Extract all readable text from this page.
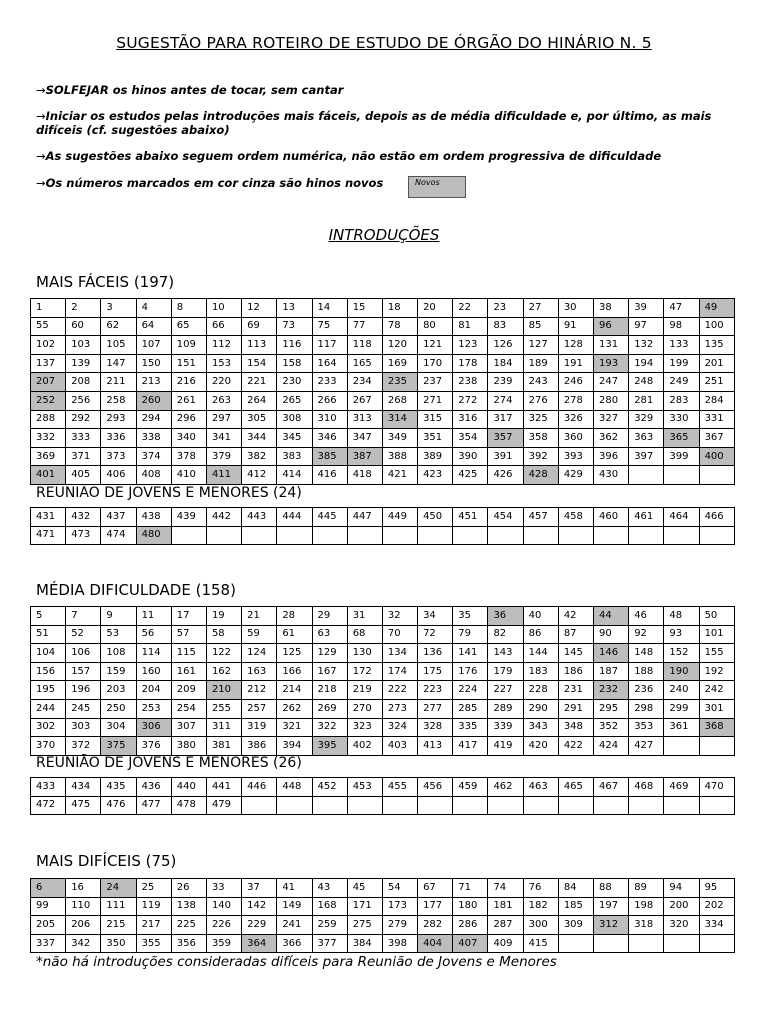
SUGESTÃO PARA ROTEIRO DE ESTUDO DE ÓRGÃO DO HINÁRIO N. 5
→SOLFEJAR os hinos antes de tocar, sem cantar
→Iniciar os estudos pelas introduções mais fáceis, depois as de média dificuldade e, por último, as mais difíceis (cf. sugestões abaixo)
→As sugestões abaixo seguem ordem numérica, não estão em ordem progressiva de dificuldade
→Os números marcados em cor cinza são hinos novos	Novos
INTRODUÇÕES
MAIS FÁCEIS (197)
1	2	3	4	8	10	12	13	14	15	18	20	22	23	27	30	38	39	47	49
55	60	62	64	65	66	69	73	75	77	78	80	81	83	85	91	96	97	98	100
102	103	105	107	109	112	113	116	117	118	120	121	123	126	127	128	131	132	133	135
137	139	147	150	151	153	154	158	164	165	169	170	178	184	189	191	193	194	199	201
207	208	211	213	216	220	221	230	233	234	235	237	238	239	243	246	247	248	249	251
252	256	258	260	261	263	264	265	266	267	268	271	272	274	276	278	280	281	283	284
288	292	293	294	296	297	305	308	310	313	314	315	316	317	325	326	327	329	330	331
332	333	336	338	340	341	344	345	346	347	349	351	354	357	358	360	362	363	365	367
369	371	373	374	378	379	382	383	385	387	388	389	390	391	392	393	396	397	399	400
401	405	406	408	410	411	412	414	416	418	421	423	425	426	428	429	430			
REUNIÃO DE JOVENS E MENORES (24)
431	432	437	438	439	442	443	444	445	447	449	450	451	454	457	458	460	461	464	466
471	473	474	480																
MÉDIA DIFICULDADE (158)
5	7	9	11	17	19	21	28	29	31	32	34	35	36	40	42	44	46	48	50
51	52	53	56	57	58	59	61	63	68	70	72	79	82	86	87	90	92	93	101
104	106	108	114	115	122	124	125	129	130	134	136	141	143	144	145	146	148	152	155
156	157	159	160	161	162	163	166	167	172	174	175	176	179	183	186	187	188	190	192
195	196	203	204	209	210	212	214	218	219	222	223	224	227	228	231	232	236	240	242
244	245	250	253	254	255	257	262	269	270	273	277	285	289	290	291	295	298	299	301
302	303	304	306	307	311	319	321	322	323	324	328	335	339	343	348	352	353	361	368
370	372	375	376	380	381	386	394	395	402	403	413	417	419	420	422	424	427		
REUNIÃO DE JOVENS E MENORES (26)
433	434	435	436	440	441	446	448	452	453	455	456	459	462	463	465	467	468	469	470
472	475	476	477	478	479														
MAIS DIFÍCEIS (75)
6	16	24	25	26	33	37	41	43	45	54	67	71	74	76	84	88	89	94	95
99	110	111	119	138	140	142	149	168	171	173	177	180	181	182	185	197	198	200	202
205	206	215	217	225	226	229	241	259	275	279	282	286	287	300	309	312	318	320	334
337	342	350	355	356	359	364	366	377	384	398	404	407	409	415					
*não há introduções consideradas difíceis para Reunião de Jovens e Menores
